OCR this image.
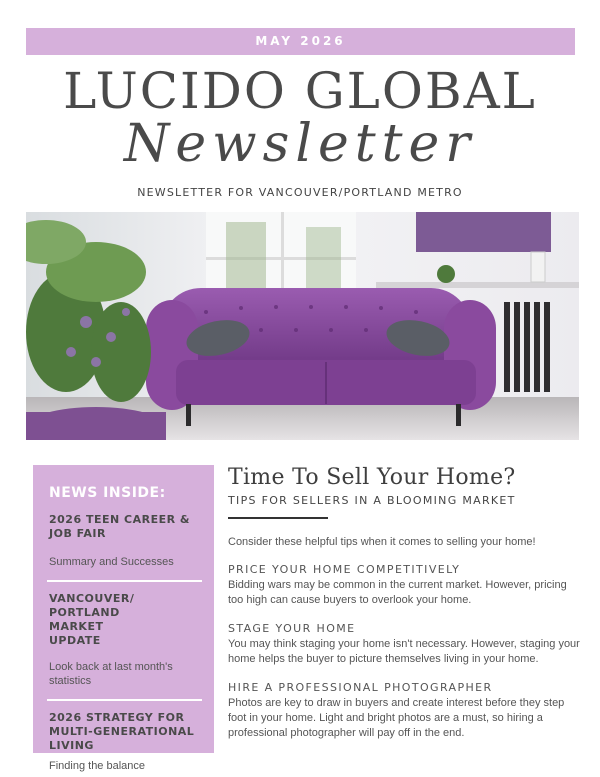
MAY 2026
LUCIDO GLOBAL
Newsletter
NEWSLETTER FOR VANCOUVER/PORTLAND METRO
NEWS INSIDE:
2026 TEEN CAREER & JOB FAIR
Summary and Successes
VANCOUVER/ PORTLAND MARKET UPDATE
Look back at last month's statistics
2026 STRATEGY FOR MULTI-GENERATIONAL LIVING
Finding the balance
Time To Sell Your Home?
TIPS FOR SELLERS IN A BLOOMING MARKET
Consider these helpful tips when it comes to selling your home!
PRICE YOUR HOME COMPETITIVELY
Bidding wars may be common in the current market. However, pricing too high can cause buyers to overlook your home.
STAGE YOUR HOME
You may think staging your home isn't necessary. However, staging your home helps the buyer to picture themselves living in your home.
HIRE A PROFESSIONAL PHOTOGRAPHER
Photos are key to draw in buyers and create interest before they step foot in your home. Light and bright photos are a must, so hiring a professional photographer will pay off in the end.
